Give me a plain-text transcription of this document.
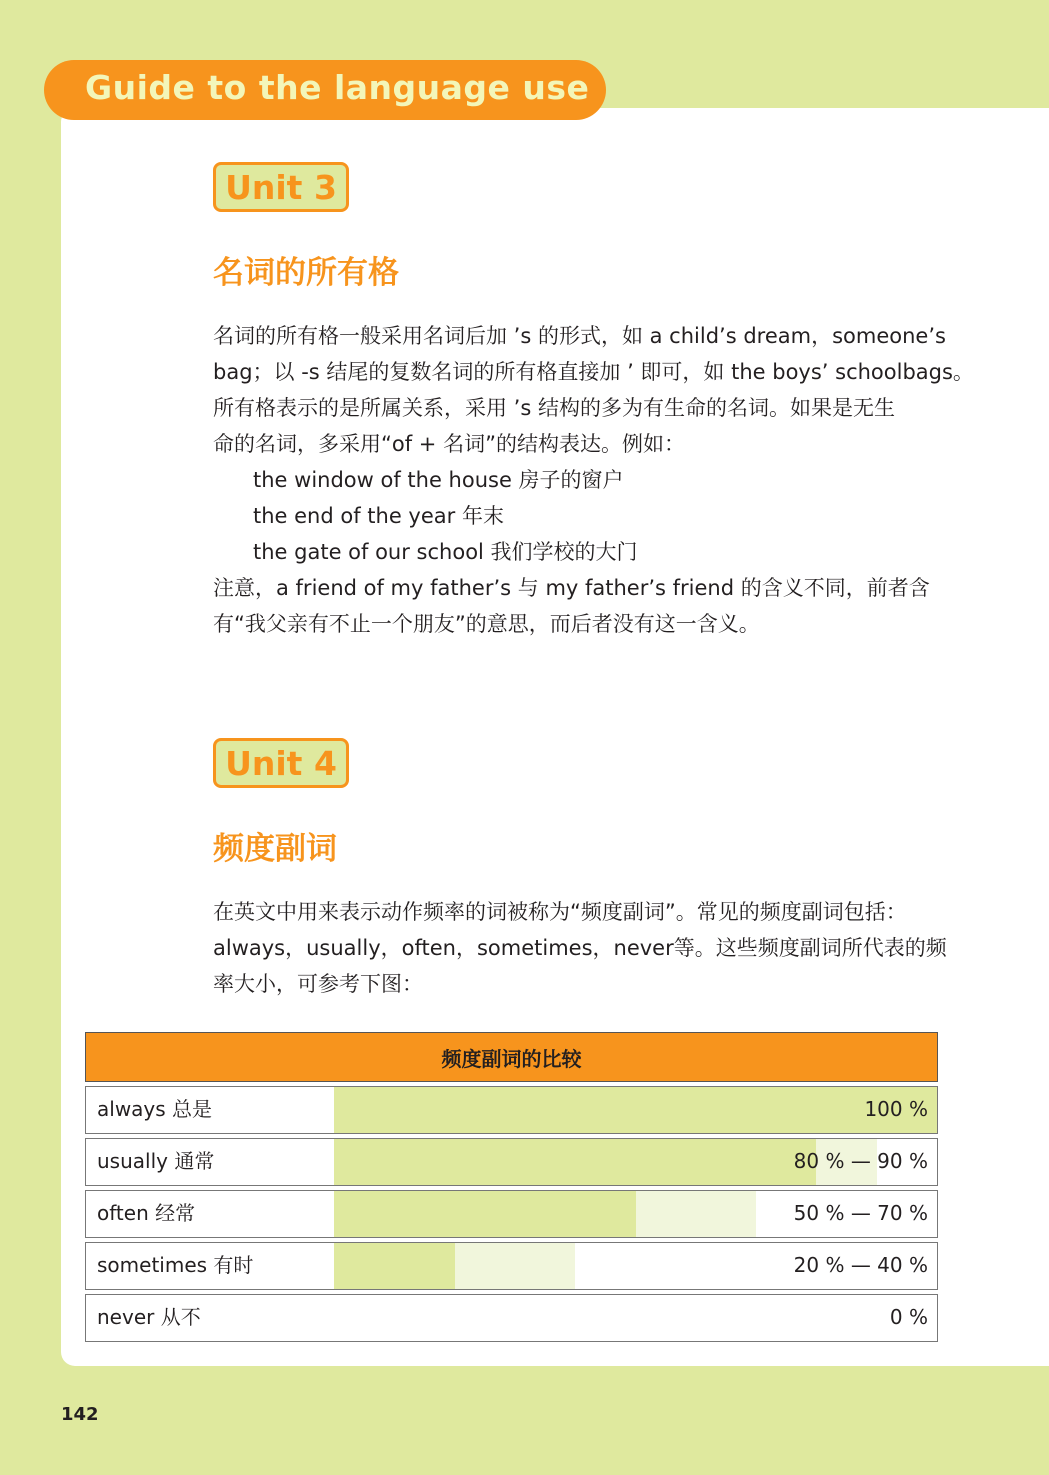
Guide to the language use
Unit 3
名词的所有格
名词的所有格一般采用名词后加 ’s 的形式，如 a child’s dream，someone’s
bag；以 -s 结尾的复数名词的所有格直接加 ’ 即可，如 the boys’ schoolbags。
所有格表示的是所属关系，采用 ’s 结构的多为有生命的名词。如果是无生
命的名词，多采用“of + 名词”的结构表达。例如：
the window of the house 房子的窗户
the end of the year 年末
the gate of our school 我们学校的大门
注意，a friend of my father’s 与 my father’s friend 的含义不同，前者含
有“我父亲有不止一个朋友”的意思，而后者没有这一含义。
Unit 4
频度副词
在英文中用来表示动作频率的词被称为“频度副词”。常见的频度副词包括：
always，usually，often，sometimes，never等。这些频度副词所代表的频
率大小，可参考下图：
频度副词的比较
always 总是	100 %
usually 通常	80 % — 90 %
often 经常	50 % — 70 %
sometimes 有时	20 % — 40 %
never 从不	0 %
142
